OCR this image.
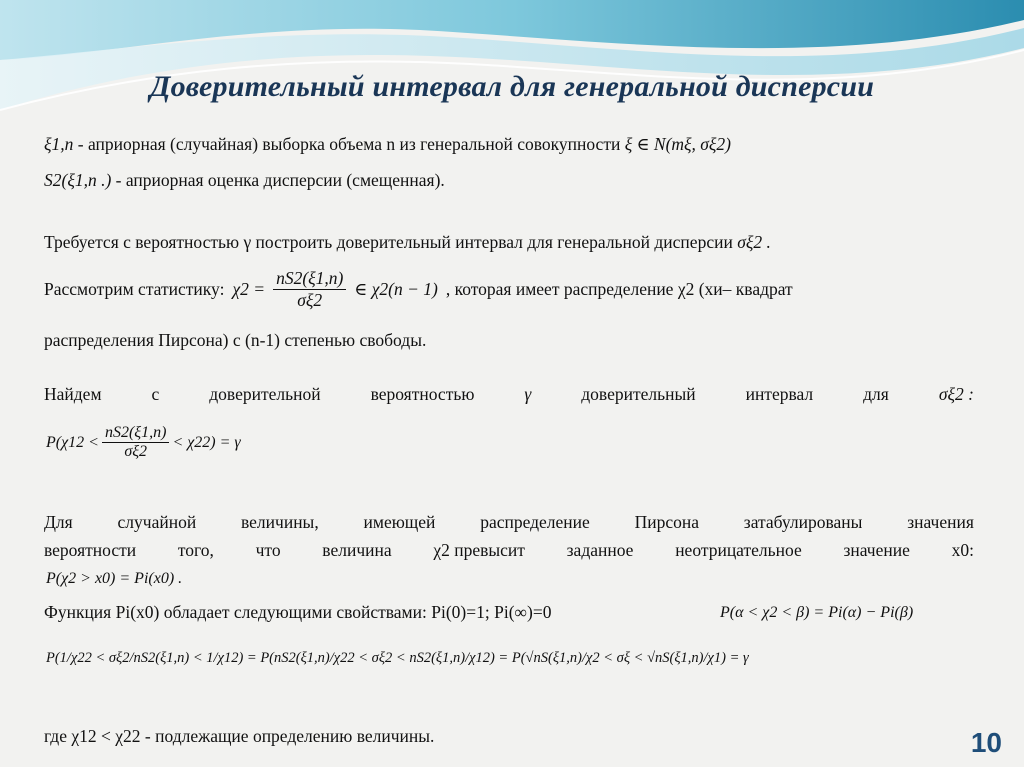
Доверительный интервал для генеральной дисперсии
ξ1,n - априорная (случайная) выборка объема n из генеральной совокупности ξ ∈ N(mξ, σξ2)
S2(ξ1,n .) - априорная оценка дисперсии (смещенная).
Требуется с вероятностью γ построить доверительный интервал для генеральной дисперсии σξ2 .
Рассмотрим статистику: $\chi 2 = \frac{nS2(\xi 1,n)}{\sigma\xi 2}$ ∈ χ2(n − 1) , которая имеет распределение χ2 (хи– квадрат
распределения Пирсона) с (n-1) степенью свободы.
Найдем	с	доверительной	вероятностью	γ	доверительный	интервал	для	σξ2 :
$P(\chi 12 < \frac{nS2(\xi 1,n)}{\sigma\xi 2} < \chi 22) = \gamma$
Для	случайной	величины,	имеющей	распределение	Пирсона	затабулированы	значения
вероятности того, что величина χ2 превысит заданное неотрицательное значение x0:
P(χ2 > x0) = Pi(x0) .
Функция Pi(x0) обладает следующими свойствами: Pi(0)=1; Pi(∞)=0	P(α < χ2 < β) = Pi(α) − Pi(β)
P(1/χ22 < σξ2/nS2(ξ1,n) < 1/χ12) = P(nS2(ξ1,n)/χ22 < σξ2 < nS2(ξ1,n)/χ12) = P(√nS(ξ1,n)/χ2 < σξ < √nS(ξ1,n)/χ1) = γ
где χ12 < χ22 - подлежащие определению величины.	10
